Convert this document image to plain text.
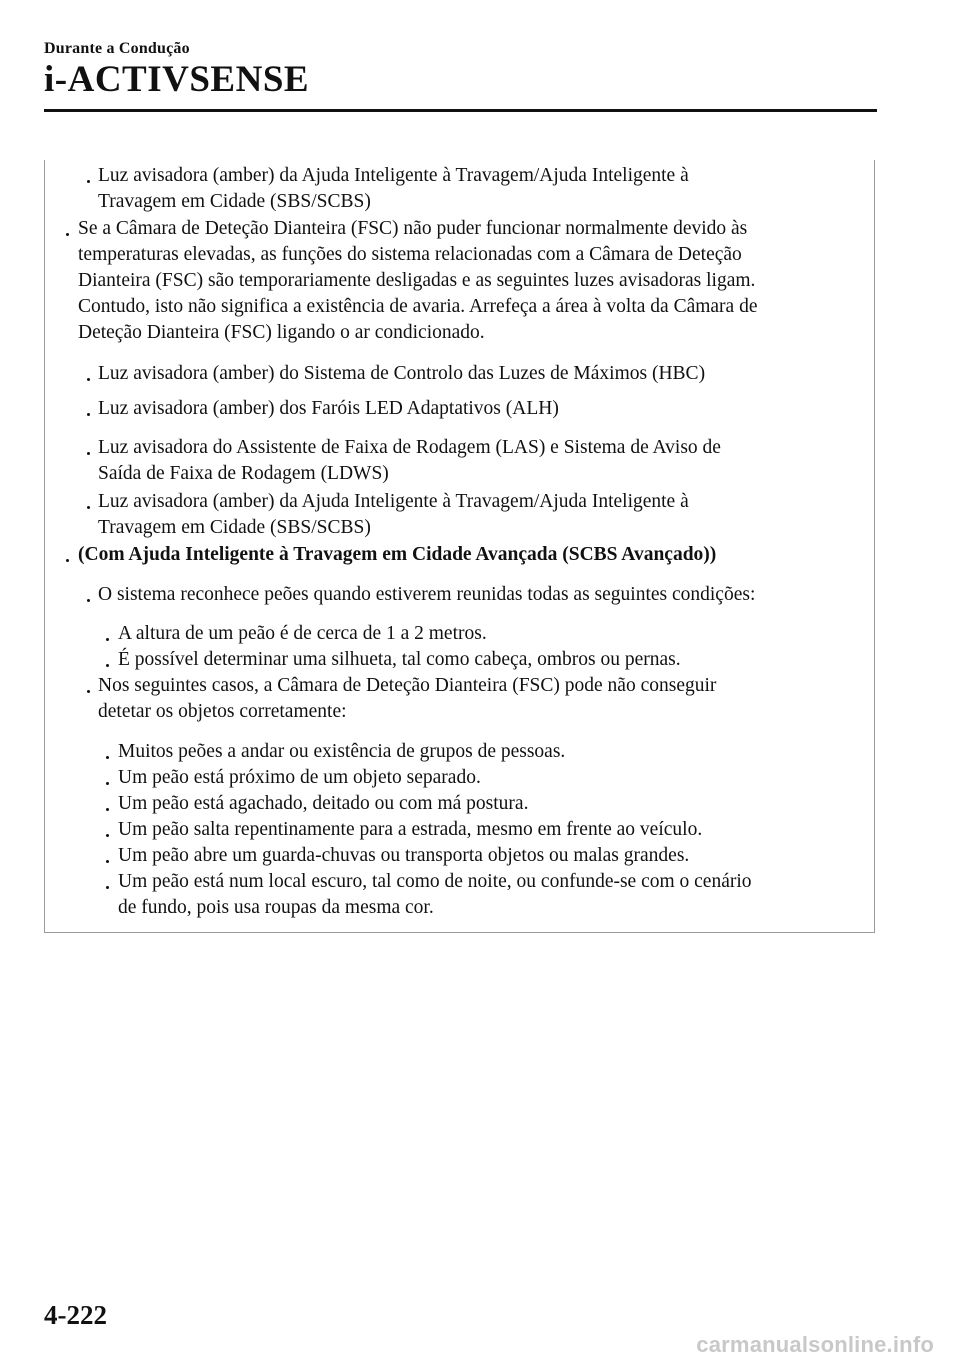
Durante a Condução
i-ACTIVSENSE
Luz avisadora (amber) da Ajuda Inteligente à Travagem/Ajuda Inteligente à
Travagem em Cidade (SBS/SCBS)
Se a Câmara de Deteção Dianteira (FSC) não puder funcionar normalmente devido às
temperaturas elevadas, as funções do sistema relacionadas com a Câmara de Deteção
Dianteira (FSC) são temporariamente desligadas e as seguintes luzes avisadoras ligam.
Contudo, isto não significa a existência de avaria. Arrefeça a área à volta da Câmara de
Deteção Dianteira (FSC) ligando o ar condicionado.
Luz avisadora (amber) do Sistema de Controlo das Luzes de Máximos (HBC)
Luz avisadora (amber) dos Faróis LED Adaptativos (ALH)
Luz avisadora do Assistente de Faixa de Rodagem (LAS) e Sistema de Aviso de
Saída de Faixa de Rodagem (LDWS)
Luz avisadora (amber) da Ajuda Inteligente à Travagem/Ajuda Inteligente à
Travagem em Cidade (SBS/SCBS)
(Com Ajuda Inteligente à Travagem em Cidade Avançada (SCBS Avançado))
O sistema reconhece peões quando estiverem reunidas todas as seguintes condições:
A altura de um peão é de cerca de 1 a 2 metros.
É possível determinar uma silhueta, tal como cabeça, ombros ou pernas.
Nos seguintes casos, a Câmara de Deteção Dianteira (FSC) pode não conseguir
detetar os objetos corretamente:
Muitos peões a andar ou existência de grupos de pessoas.
Um peão está próximo de um objeto separado.
Um peão está agachado, deitado ou com má postura.
Um peão salta repentinamente para a estrada, mesmo em frente ao veículo.
Um peão abre um guarda-chuvas ou transporta objetos ou malas grandes.
Um peão está num local escuro, tal como de noite, ou confunde-se com o cenário
de fundo, pois usa roupas da mesma cor.
4-222
carmanualsonline.info
